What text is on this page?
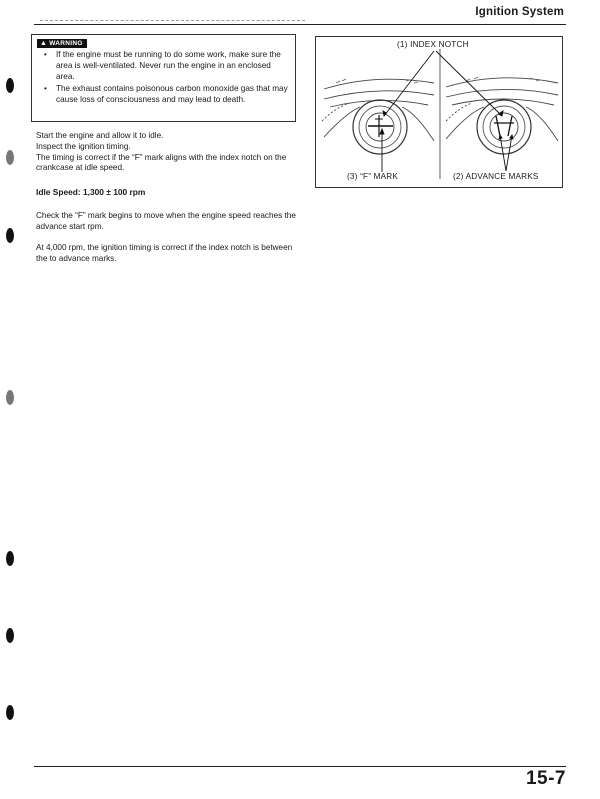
Ignition System
▲ WARNING
• If the engine must be running to do some work, make sure the area is well-ventilated. Never run the engine in an enclosed area.
• The exhaust contains poisonous carbon monoxide gas that may cause loss of consciousness and may lead to death.

Start the engine and allow it to idle.

Inspect the ignition timing.

The timing is correct if the “F” mark aligns with the index notch on the crankcase at idle speed.

Idle Speed: 1,300 ± 100 rpm

Check the “F” mark begins to move when the engine speed reaches the advance start rpm.

At 4,000 rpm, the ignition timing is correct if the index notch is between the to advance marks.

(1) INDEX NOTCH
(3) “F” MARK	(2) ADVANCE MARKS
15-7
